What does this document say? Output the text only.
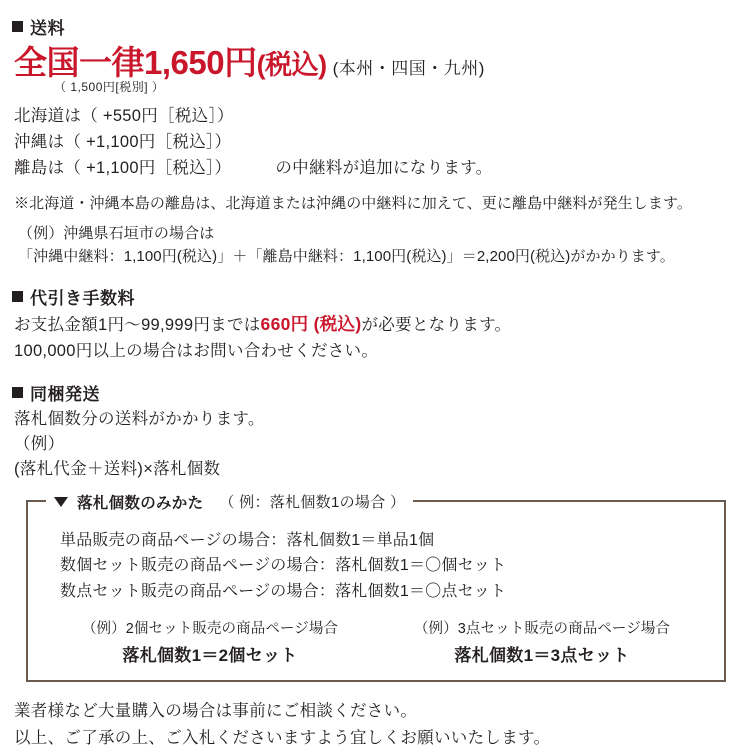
送料
全国一律1,650円 (税込) (本州・四国・九州)
（ 1,500円[税別] ）
北海道は（ +550円［税込］）
沖縄は（ +1,100円［税込］）
離島は（ +1,100円［税込］）	の中継料が追加になります。
※北海道・沖縄本島の離島は、北海道または沖縄の中継料に加えて、更に離島中継料が発生します。
（例）沖縄県石垣市の場合は
「沖縄中継料：1,100円(税込)」＋「離島中継料：1,100円(税込)」＝2,200円(税込)がかかります。
代引き手数料
お支払金額1円～99,999円までは660円 (税込)が必要となります。
100,000円以上の場合はお問い合わせください。
同梱発送
落札個数分の送料がかかります。
（例）
(落札代金＋送料)×落札個数
落札個数のみかた （ 例：落札個数1の場合 ）
単品販売の商品ページの場合：落札個数1＝単品1個
数個セット販売の商品ページの場合：落札個数1＝〇個セット
数点セット販売の商品ページの場合：落札個数1＝〇点セット
（例）2個セット販売の商品ページ場合
落札個数1＝2個セット
（例）3点セット販売の商品ページ場合
落札個数1＝3点セット
業者様など大量購入の場合は事前にご相談ください。
以上、ご了承の上、ご入札くださいますよう宜しくお願いいたします。
